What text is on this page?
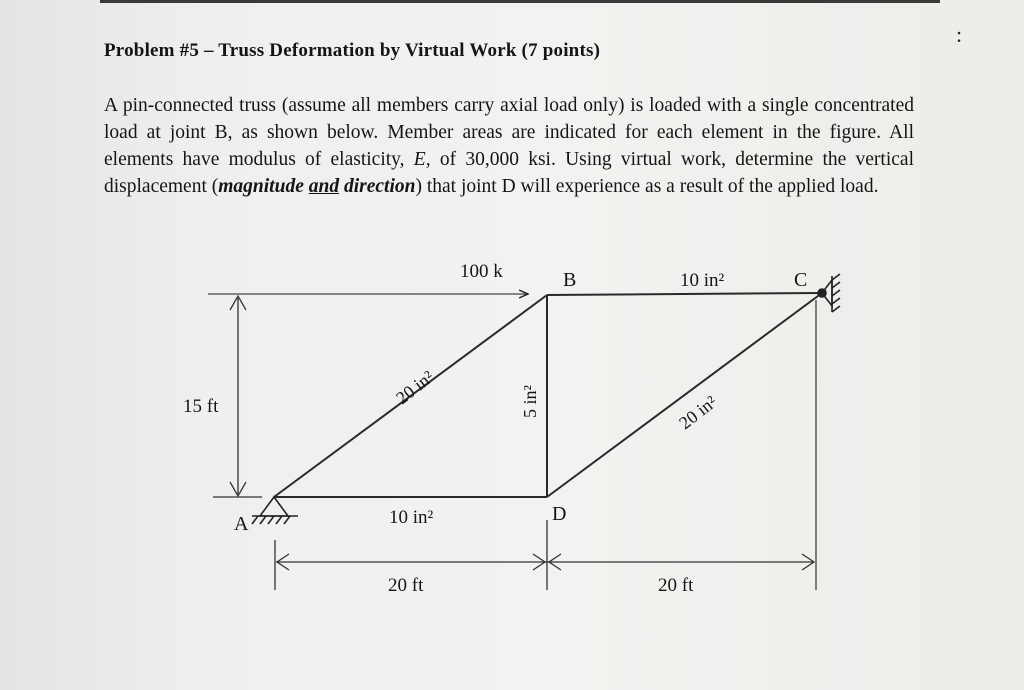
:
Problem #5 – Truss Deformation by Virtual Work (7 points)
A pin-connected truss (assume all members carry axial load only) is loaded with a single concentrated load at joint B, as shown below. Member areas are indicated for each element in the figure. All elements have modulus of elasticity, E, of 30,000 ksi. Using virtual work, determine the vertical displacement (magnitude and direction) that joint D will experience as a result of the applied load.
100 k
A
B	C
D
10 in²
20 in²	5 in²	20 in²
10 in²
15 ft
20 ft	20 ft
